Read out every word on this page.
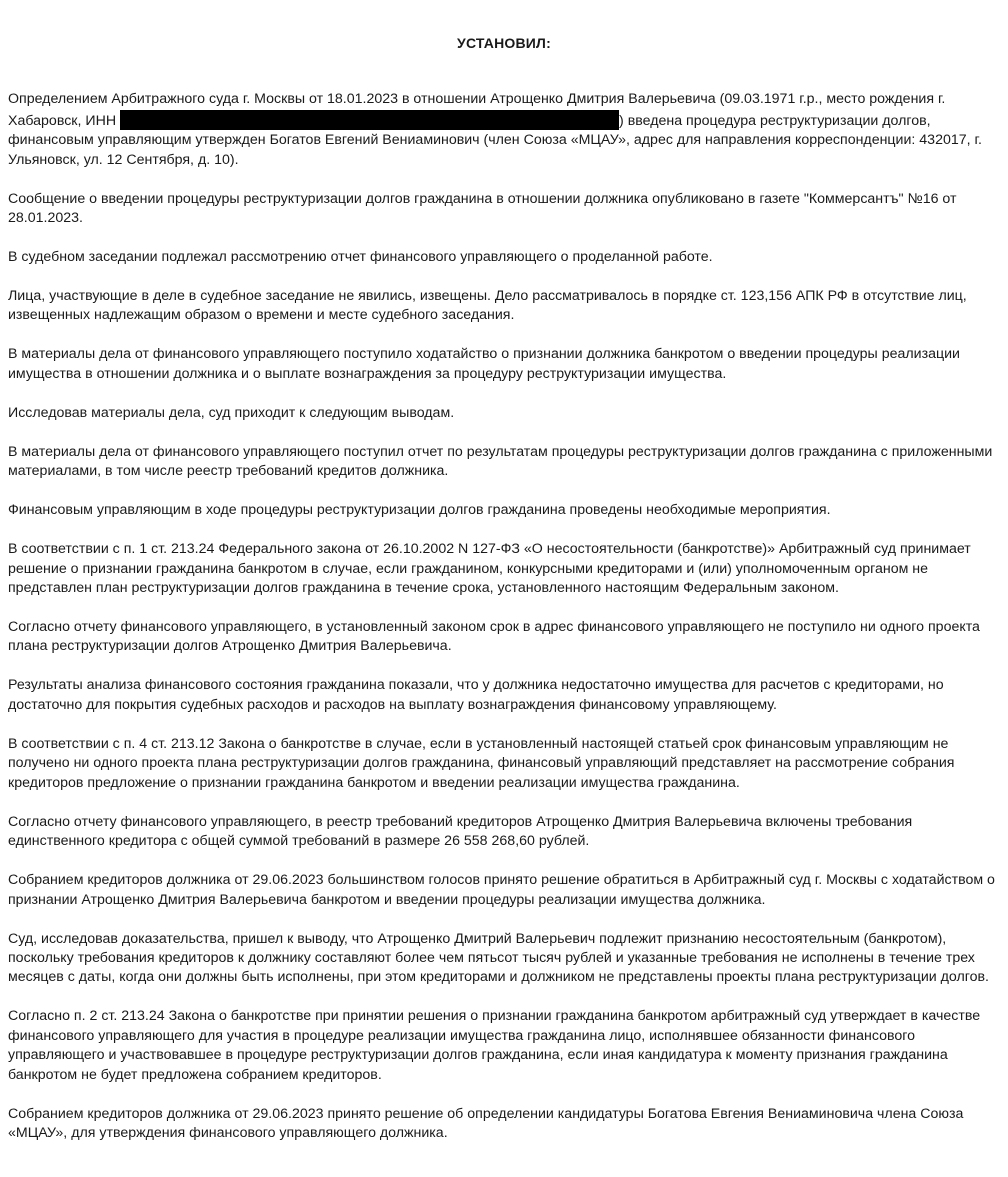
УСТАНОВИЛ:

Определением Арбитражного суда г. Москвы от 18.01.2023 в отношении Атрощенко Дмитрия Валерьевича (09.03.1971 г.р., место рождения г. Хабаровск, ИНН	) введена процедура реструктуризации долгов, финансовым управляющим утвержден Богатов Евгений Вениаминович (член Союза «МЦАУ», адрес для направления корреспонденции: 432017, г. Ульяновск, ул. 12 Сентября, д. 10).

Сообщение о введении процедуры реструктуризации долгов гражданина в отношении должника опубликовано в газете "Коммерсантъ" №16 от 28.01.2023.

В судебном заседании подлежал рассмотрению отчет финансового управляющего о проделанной работе.

Лица, участвующие в деле в судебное заседание не явились, извещены. Дело рассматривалось в порядке ст. 123,156 АПК РФ в отсутствие лиц, извещенных надлежащим образом о времени и месте судебного заседания.

В материалы дела от финансового управляющего поступило ходатайство о признании должника банкротом о введении процедуры реализации имущества в отношении должника и о выплате вознаграждения за процедуру реструктуризации имущества.

Исследовав материалы дела, суд приходит к следующим выводам.

В материалы дела от финансового управляющего поступил отчет по результатам процедуры реструктуризации долгов гражданина с приложенными материалами, в том числе реестр требований кредитов должника.

Финансовым управляющим в ходе процедуры реструктуризации долгов гражданина проведены необходимые мероприятия.

В соответствии с п. 1 ст. 213.24 Федерального закона от 26.10.2002 N 127-ФЗ «О несостоятельности (банкротстве)» Арбитражный суд принимает решение о признании гражданина банкротом в случае, если гражданином, конкурсными кредиторами и (или) уполномоченным органом не представлен план реструктуризации долгов гражданина в течение срока, установленного настоящим Федеральным законом.

Согласно отчету финансового управляющего, в установленный законом срок в адрес финансового управляющего не поступило ни одного проекта плана реструктуризации долгов Атрощенко Дмитрия Валерьевича.

Результаты анализа финансового состояния гражданина показали, что у должника недостаточно имущества для расчетов с кредиторами, но достаточно для покрытия судебных расходов и расходов на выплату вознаграждения финансовому управляющему.

В соответствии с п. 4 ст. 213.12 Закона о банкротстве в случае, если в установленный настоящей статьей срок финансовым управляющим не получено ни одного проекта плана реструктуризации долгов гражданина, финансовый управляющий представляет на рассмотрение собрания кредиторов предложение о признании гражданина банкротом и введении реализации имущества гражданина.

Согласно отчету финансового управляющего, в реестр требований кредиторов Атрощенко Дмитрия Валерьевича включены требования единственного кредитора с общей суммой требований в размере 26 558 268,60 рублей.

Собранием кредиторов должника от 29.06.2023 большинством голосов принято решение обратиться в Арбитражный суд г. Москвы с ходатайством о признании Атрощенко Дмитрия Валерьевича банкротом и введении процедуры реализации имущества должника.

Суд, исследовав доказательства, пришел к выводу, что Атрощенко Дмитрий Валерьевич подлежит признанию несостоятельным (банкротом), поскольку требования кредиторов к должнику составляют более чем пятьсот тысяч рублей и указанные требования не исполнены в течение трех месяцев с даты, когда они должны быть исполнены, при этом кредиторами и должником не представлены проекты плана реструктуризации долгов.

Согласно п. 2 ст. 213.24 Закона о банкротстве при принятии решения о признании гражданина банкротом арбитражный суд утверждает в качестве финансового управляющего для участия в процедуре реализации имущества гражданина лицо, исполнявшее обязанности финансового управляющего и участвовавшее в процедуре реструктуризации долгов гражданина, если иная кандидатура к моменту признания гражданина банкротом не будет предложена собранием кредиторов.

Собранием кредиторов должника от 29.06.2023 принято решение об определении кандидатуры Богатова Евгения Вениаминовича члена Союза «МЦАУ», для утверждения финансового управляющего должника.
